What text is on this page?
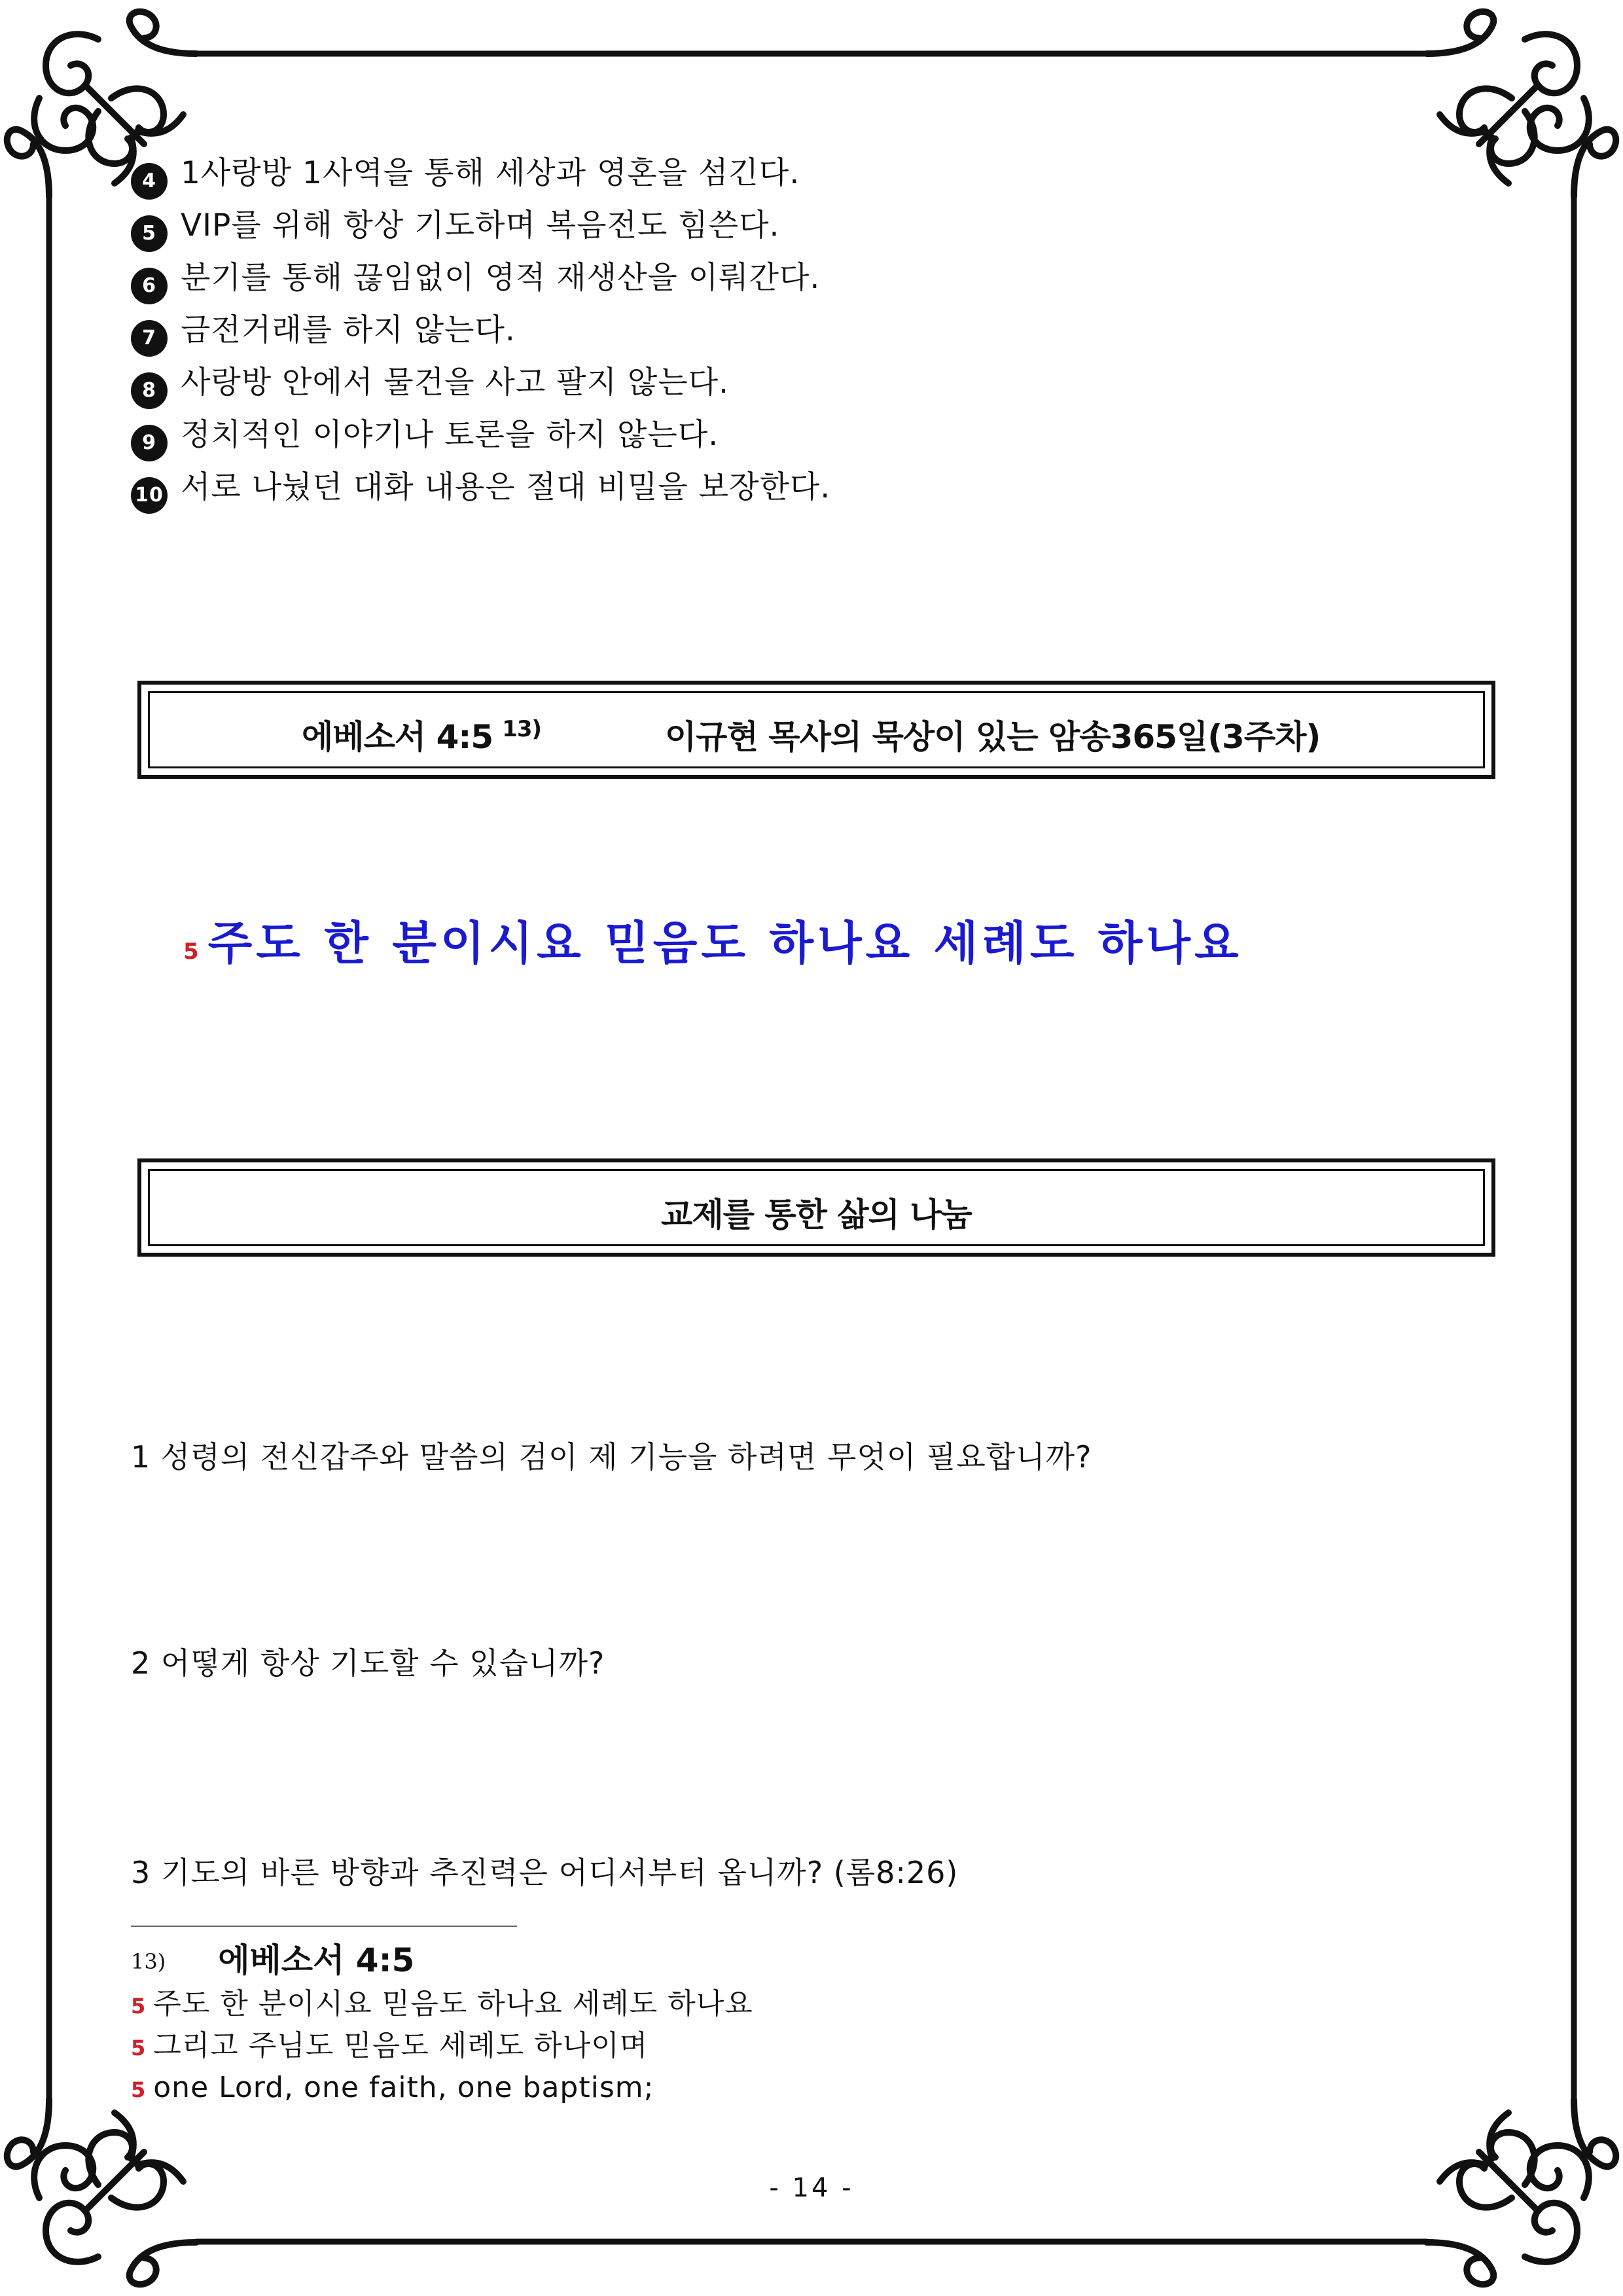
4 1사랑방 1사역을 통해 세상과 영혼을 섬긴다.
5 VIP를 위해 항상 기도하며 복음전도 힘쓴다.
6 분기를 통해 끊임없이 영적 재생산을 이뤄간다.
7 금전거래를 하지 않는다.
8 사랑방 안에서 물건을 사고 팔지 않는다.
9 정치적인 이야기나 토론을 하지 않는다.
10 서로 나눴던 대화 내용은 절대 비밀을 보장한다.
에베소서 4:5 $^{13)}$	이규현 목사의 묵상이 있는 암송365일(3주차)
5 주도 한 분이시요 믿음도 하나요 세례도 하나요
교제를 통한 삶의 나눔
1 성령의 전신갑주와 말씀의 검이 제 기능을 하려면 무엇이 필요합니까?
2 어떻게 항상 기도할 수 있습니까?
3 기도의 바른 방향과 추진력은 어디서부터 옵니까? (롬8:26)
13) 에베소서 4:5
5 주도 한 분이시요 믿음도 하나요 세례도 하나요
5 그리고 주님도 믿음도 세례도 하나이며
5 one Lord, one faith, one baptism;
- 14 -
